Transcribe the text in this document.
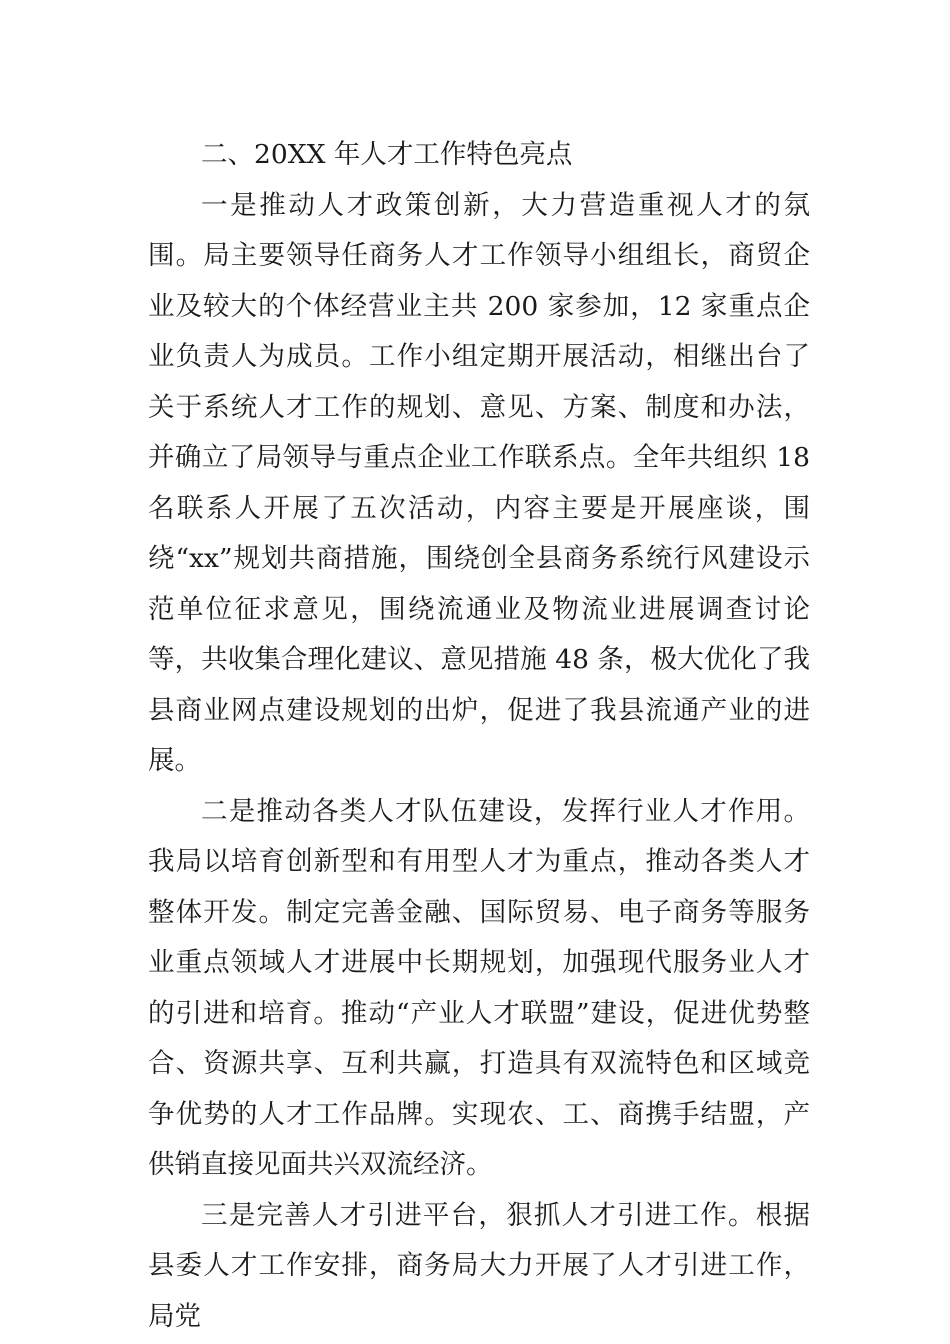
二、20XX 年人才工作特色亮点

一是推动人才政策创新，大力营造重视人才的氛围。局主要领导任商务人才工作领导小组组长，商贸企业及较大的个体经营业主共 200 家参加，12 家重点企业负责人为成员。工作小组定期开展活动，相继出台了关于系统人才工作的规划、意见、方案、制度和办法，并确立了局领导与重点企业工作联系点。全年共组织 18 名联系人开展了五次活动，内容主要是开展座谈，围绕“xx”规划共商措施，围绕创全县商务系统行风建设示范单位征求意见，围绕流通业及物流业进展调查讨论等，共收集合理化建议、意见措施 48 条，极大优化了我县商业网点建设规划的出炉，促进了我县流通产业的进展。

二是推动各类人才队伍建设，发挥行业人才作用。我局以培育创新型和有用型人才为重点，推动各类人才整体开发。制定完善金融、国际贸易、电子商务等服务业重点领域人才进展中长期规划，加强现代服务业人才的引进和培育。推动“产业人才联盟”建设，促进优势整合、资源共享、互利共赢，打造具有双流特色和区域竞争优势的人才工作品牌。实现农、工、商携手结盟，产供销直接见面共兴双流经济。

三是完善人才引进平台，狠抓人才引进工作。根据县委人才工作安排，商务局大力开展了人才引进工作，局党
